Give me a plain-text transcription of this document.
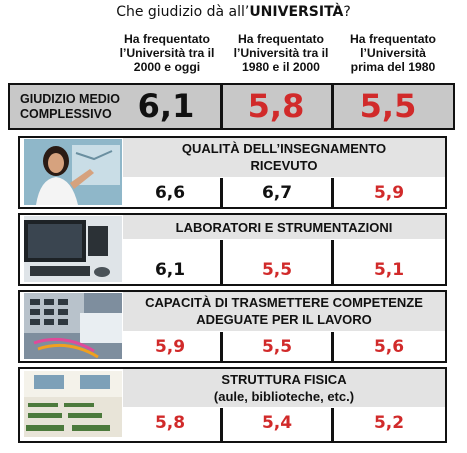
Che giudizio dà all’UNIVERSITÀ?
Ha frequentato
l’Università tra il
2000 e oggi
Ha frequentato
l’Università tra il
1980 e il 2000
Ha frequentato
l’Università
prima del 1980
GIUDIZIO MEDIO
COMPLESSIVO 6,1	5,8	5,5
QUALITÀ DELL’INSEGNAMENTO
RICEVUTO
6,6	6,7	5,9
LABORATORI E STRUMENTAZIONI
6,1	5,5	5,1
CAPACITÀ DI TRASMETTERE COMPETENZE
ADEGUATE PER IL LAVORO
5,9	5,5	5,6
STRUTTURA FISICA
(aule, biblioteche, etc.)
5,8	5,4	5,2
